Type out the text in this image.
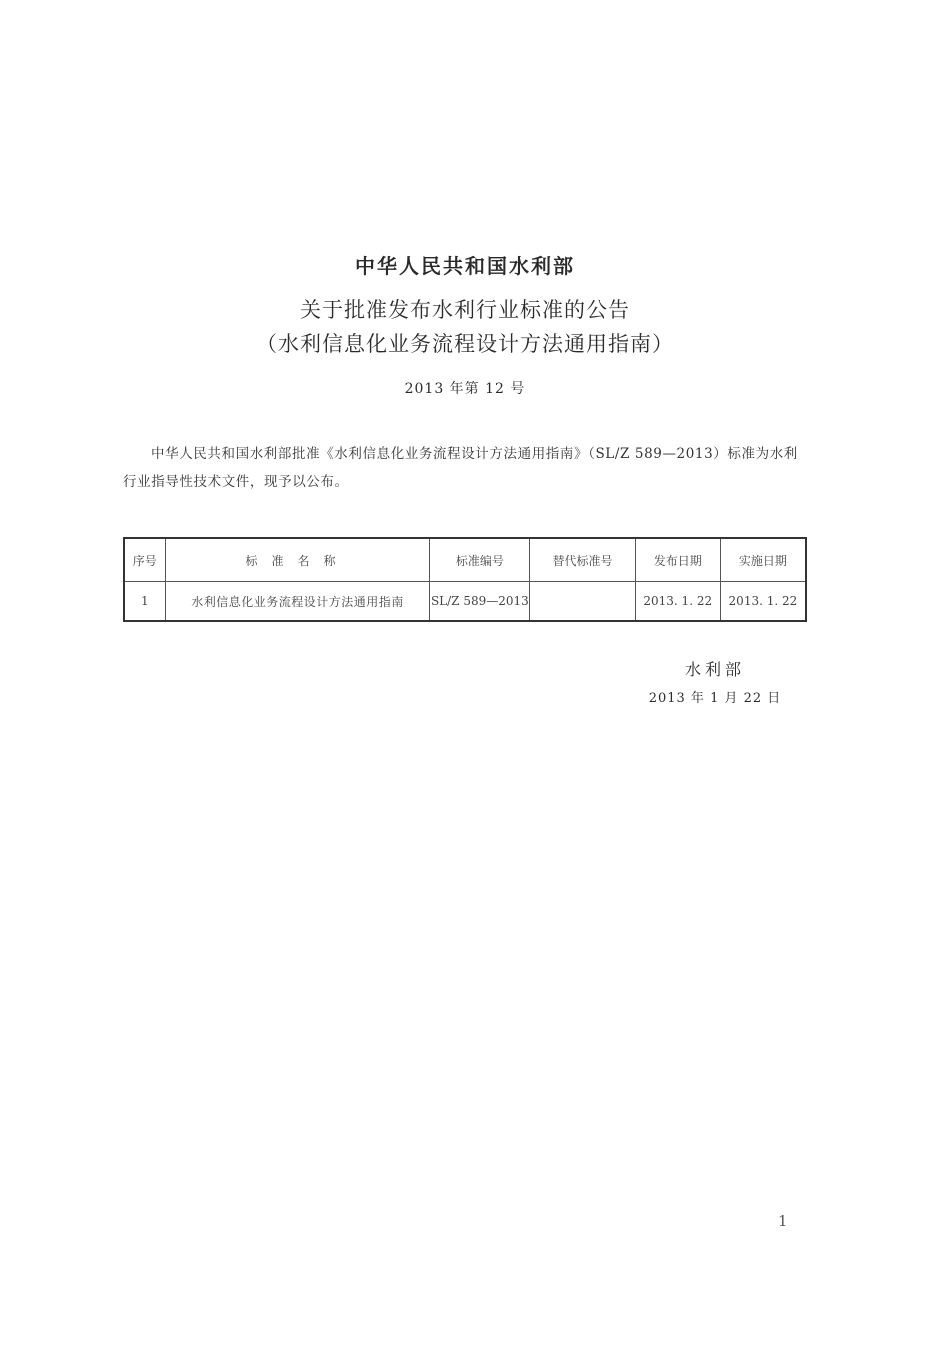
中华人民共和国水利部
关于批准发布水利行业标准的公告
（水利信息化业务流程设计方法通用指南）
2013 年第 12 号
中华人民共和国水利部批准《水利信息化业务流程设计方法通用指南》（SL/Z 589—2013）标准为水利行业指导性技术文件，现予以公布。
序号	标准名称	标准编号	替代标准号	发布日期	实施日期
1	水利信息化业务流程设计方法通用指南	SL/Z 589—2013		2013. 1. 22	2013. 1. 22
水利部
2013 年 1 月 22 日
1
